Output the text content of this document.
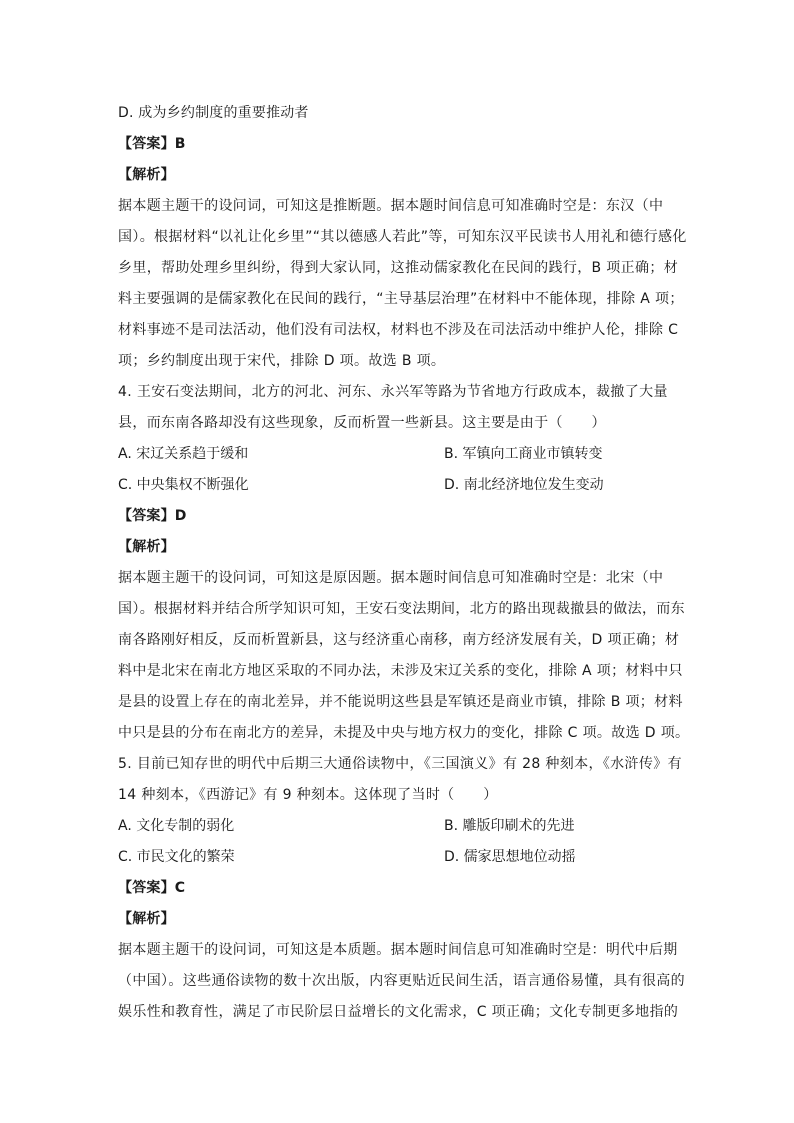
D. 成为乡约制度的重要推动者
【答案】B
【解析】
据本题主题干的设问词，可知这是推断题。据本题时间信息可知准确时空是：东汉（中
国）。根据材料“以礼让化乡里”“其以德感人若此”等，可知东汉平民读书人用礼和德行感化
乡里，帮助处理乡里纠纷，得到大家认同，这推动儒家教化在民间的践行，B 项正确；材
料主要强调的是儒家教化在民间的践行，“主导基层治理”在材料中不能体现，排除 A 项；
材料事迹不是司法活动，他们没有司法权，材料也不涉及在司法活动中维护人伦，排除 C
项；乡约制度出现于宋代，排除 D 项。故选 B 项。
4. 王安石变法期间，北方的河北、河东、永兴军等路为节省地方行政成本，裁撤了大量
县，而东南各路却没有这些现象，反而析置一些新县。这主要是由于（　　）
A. 宋辽关系趋于缓和	B. 军镇向工商业市镇转变
C. 中央集权不断强化	D. 南北经济地位发生变动
【答案】D
【解析】
据本题主题干的设问词，可知这是原因题。据本题时间信息可知准确时空是：北宋（中
国）。根据材料并结合所学知识可知，王安石变法期间，北方的路出现裁撤县的做法，而东
南各路刚好相反，反而析置新县，这与经济重心南移，南方经济发展有关，D 项正确；材
料中是北宋在南北方地区采取的不同办法，未涉及宋辽关系的变化，排除 A 项；材料中只
是县的设置上存在的南北差异，并不能说明这些县是军镇还是商业市镇，排除 B 项；材料
中只是县的分布在南北方的差异，未提及中央与地方权力的变化，排除 C 项。故选 D 项。
5. 目前已知存世的明代中后期三大通俗读物中，《三国演义》有 28 种刻本，《水浒传》有
14 种刻本，《西游记》有 9 种刻本。这体现了当时（　　）
A. 文化专制的弱化	B. 雕版印刷术的先进
C. 市民文化的繁荣	D. 儒家思想地位动摇
【答案】C
【解析】
据本题主题干的设问词，可知这是本质题。据本题时间信息可知准确时空是：明代中后期
（中国）。这些通俗读物的数十次出版，内容更贴近民间生活，语言通俗易懂，具有很高的
娱乐性和教育性，满足了市民阶层日益增长的文化需求，C 项正确；文化专制更多地指的
